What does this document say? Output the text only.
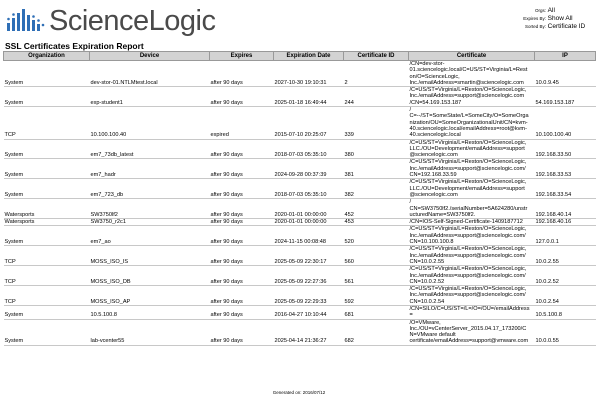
ScienceLogic	Orgs: All
Expires By: Show All
Sorted By: Certificate ID
SSL Certificates Expiration Report
Organization	Device	Expires	Expiration Date	Certificate ID	Certificate	IP
System	dev-stor-01.NTLMtest.local	after 90 days	2027-10-30 19:10:31	2	/CN=dev-stor-
01.sciencelogic.local/C=US/ST=Virginia/L=Rest
on/O=ScienceLogic,
Inc./emailAddress=smartin@sciencelogic.com	10.0.9.45
System	exp-student1	after 90 days	2025-01-18 16:49:44	244	/C=US/ST=Virginia/L=Reston/O=ScienceLogic,
Inc./emailAddress=support@sciencelogic.com
/CN=54.169.153.187	54.169.153.187
TCP	10.100.100.40	expired	2015-07-10 20:25:07	339	/
C=--/ST=SomeState/L=SomeCity/O=SomeOrga
nization/OU=SomeOrganizationalUnit/CN=kvm-
40.sciencelogic.local/emailAddress=root@kvm-
40.sciencelogic.local	10.100.100.40
System	em7_73db_latest	after 90 days	2018-07-03 05:35:10	380	/C=US/ST=Virginia/L=Reston/O=ScienceLogic,
LLC./OU=Development/emailAddress=support
@sciencelogic.com	192.168.33.50
System	em7_hadr	after 90 days	2024-09-28 00:37:39	381	/C=US/ST=Virginia/L=Reston/O=ScienceLogic,
Inc./emailAddress=support@sciencelogic.com/
CN=192.168.33.59	192.168.33.53
System	em7_723_db	after 90 days	2018-07-03 05:35:10	382	/C=US/ST=Virginia/L=Reston/O=ScienceLogic,
LLC./OU=Development/emailAddress=support
@sciencelogic.com	192.168.33.54
Watersports	SW3750lf2	after 90 days	2020-01-01 00:00:00	452	/
CN=SW3750lf2./serialNumber=5A624280/unstr
ucturedName=SW3750lf2.	192.168.40.14
Watersports	SW3750_r2c1	after 90 days	2020-01-01 00:00:00	453	/CN=IOS-Self-Signed-Certificate-1409187712	192.168.40.16
System	em7_ao	after 90 days	2024-11-15 00:08:48	520	/C=US/ST=Virginia/L=Reston/O=ScienceLogic,
Inc./emailAddress=support@sciencelogic.com/
CN=10.100.100.8	127.0.0.1
TCP	MOSS_ISO_IS	after 90 days	2025-05-09 22:30:17	560	/C=US/ST=Virginia/L=Reston/O=ScienceLogic,
Inc./emailAddress=support@sciencelogic.com/
CN=10.0.2.55	10.0.2.55
TCP	MOSS_ISO_DB	after 90 days	2025-05-09 22:27:36	561	/C=US/ST=Virginia/L=Reston/O=ScienceLogic,
Inc./emailAddress=support@sciencelogic.com/
CN=10.0.2.52	10.0.2.52
TCP	MOSS_ISO_AP	after 90 days	2025-05-09 22:29:33	592	/C=US/ST=Virginia/L=Reston/O=ScienceLogic,
Inc./emailAddress=support@sciencelogic.com/
CN=10.0.2.54	10.0.2.54
System	10.5.100.8	after 90 days	2016-04-27 10:10:44	681	/CN=SILO/C=US/ST=/L=/O=/OU=/emailAddress
=	10.5.100.8
System	lab-vcenter55	after 90 days	2025-04-14 21:36:27	682	/O=VMware,
Inc./OU=vCenterServer_2015.04.17_173200/C
N=VMware default
certificate/emailAddress=support@vmware.com	10.0.0.55
Generated on: 2016/07/12
